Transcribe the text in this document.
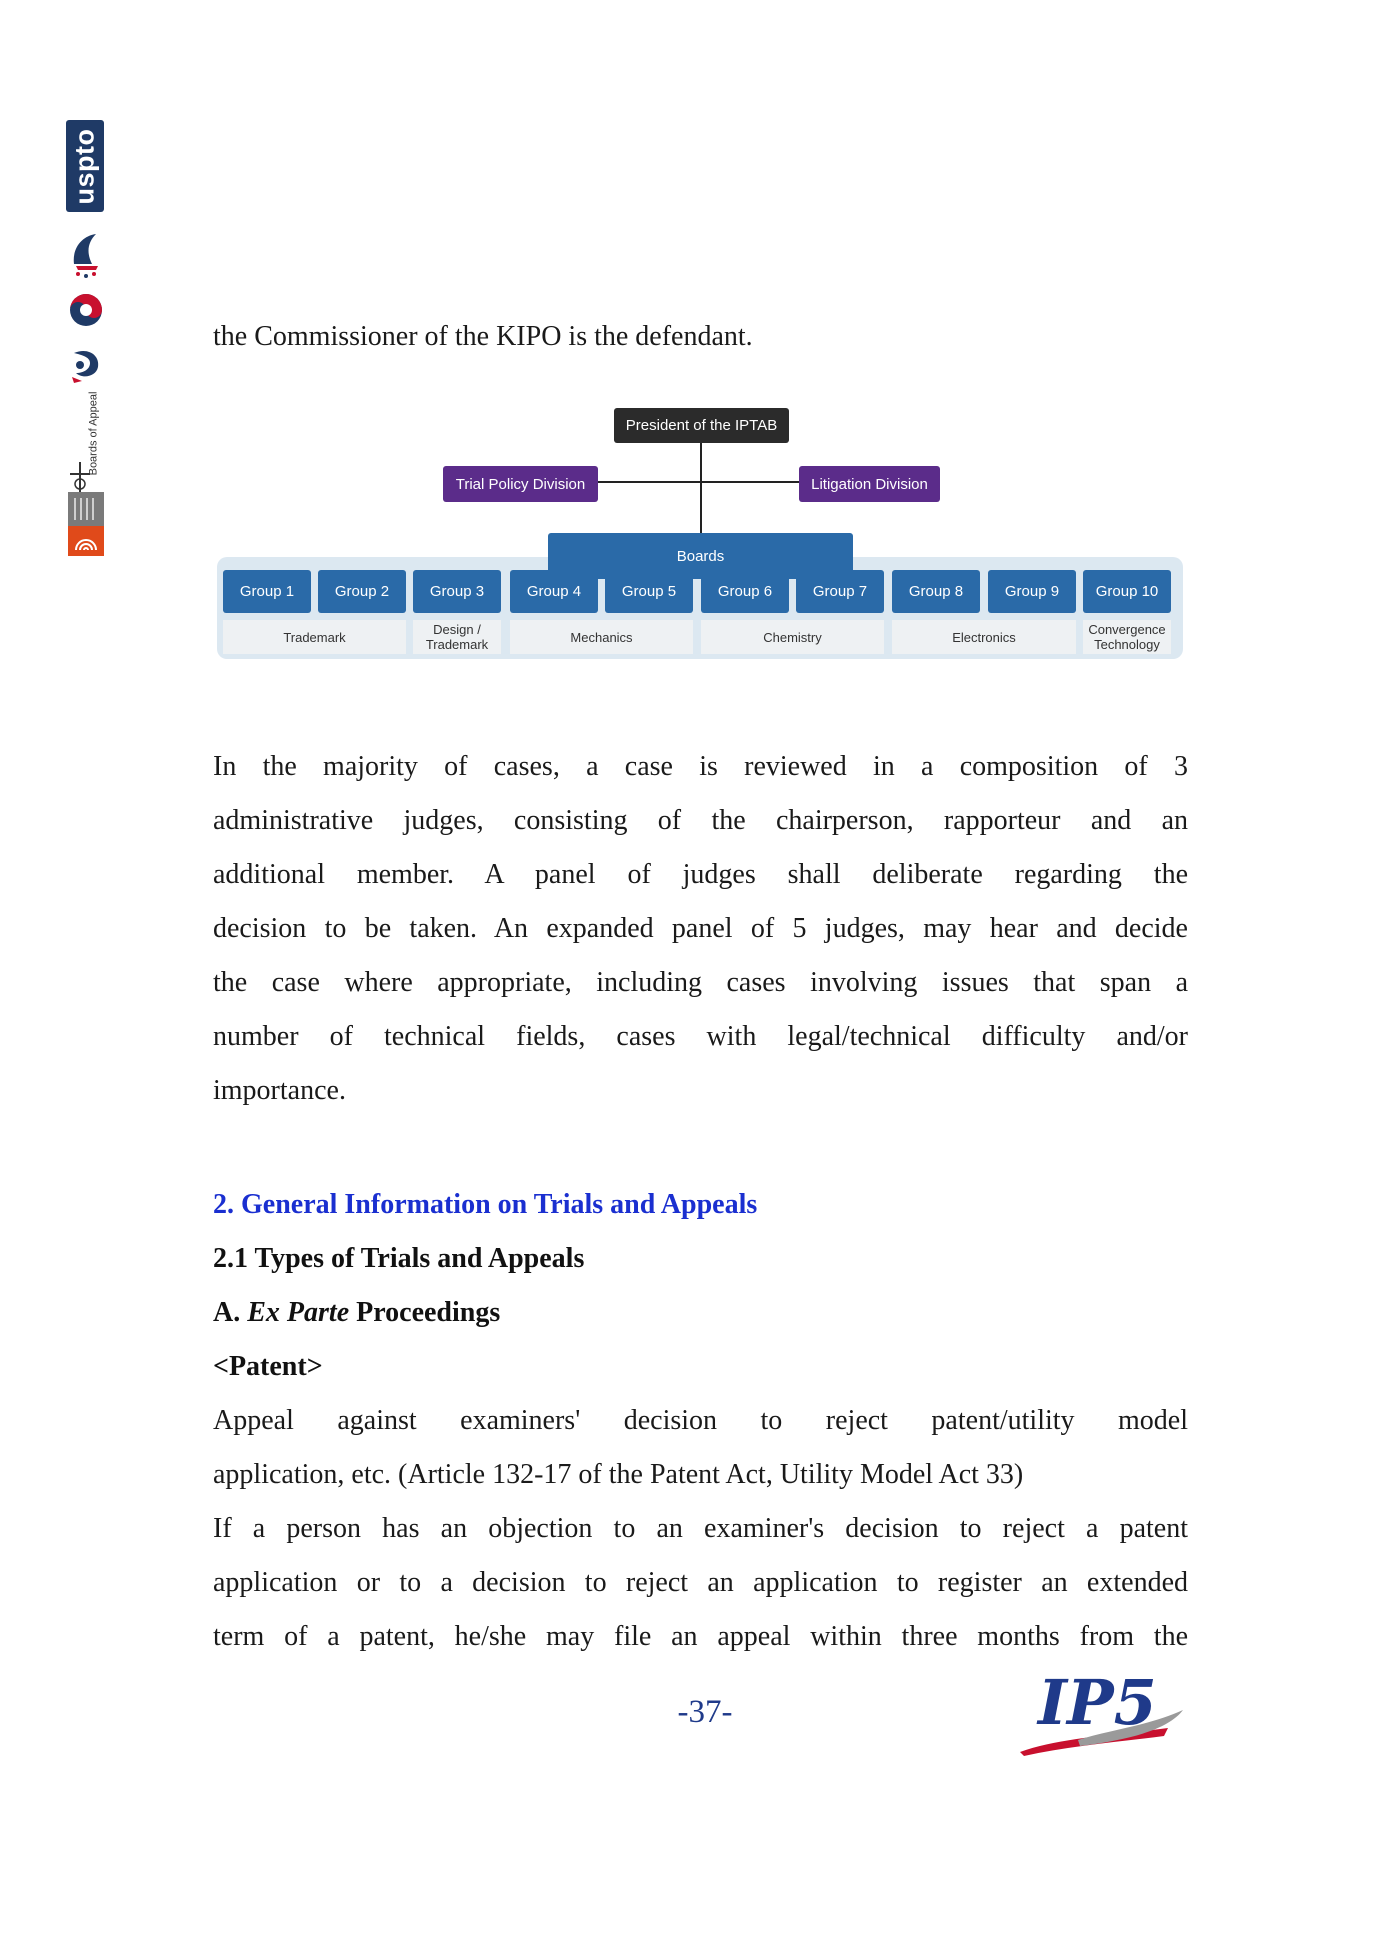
uspto
Boards of Appeal
the Commissioner of the KIPO is the defendant.
President of the IPTAB
Trial Policy Division	Litigation Division
Boards
Group 1	Group 2	Group 3	Group 4	Group 5	Group 6	Group 7	Group 8	Group 9	Group 10
Trademark	Design /
Trademark	Mechanics	Chemistry	Electronics	Convergence
Technology
In the majority of cases, a case is reviewed in a composition of 3
administrative judges, consisting of the chairperson, rapporteur and an
additional member. A panel of judges shall deliberate regarding the
decision to be taken. An expanded panel of 5 judges, may hear and decide
the case where appropriate, including cases involving issues that span a
number of technical fields, cases with legal/technical difficulty and/or
importance.
2. General Information on Trials and Appeals
2.1 Types of Trials and Appeals
A. Ex Parte Proceedings
<Patent>
Appeal against examiners' decision to reject patent/utility model
application, etc. (Article 132-17 of the Patent Act, Utility Model Act 33)
If a person has an objection to an examiner's decision to reject a patent
application or to a decision to reject an application to register an extended
term of a patent, he/she may file an appeal within three months from the
-37-	IP5
